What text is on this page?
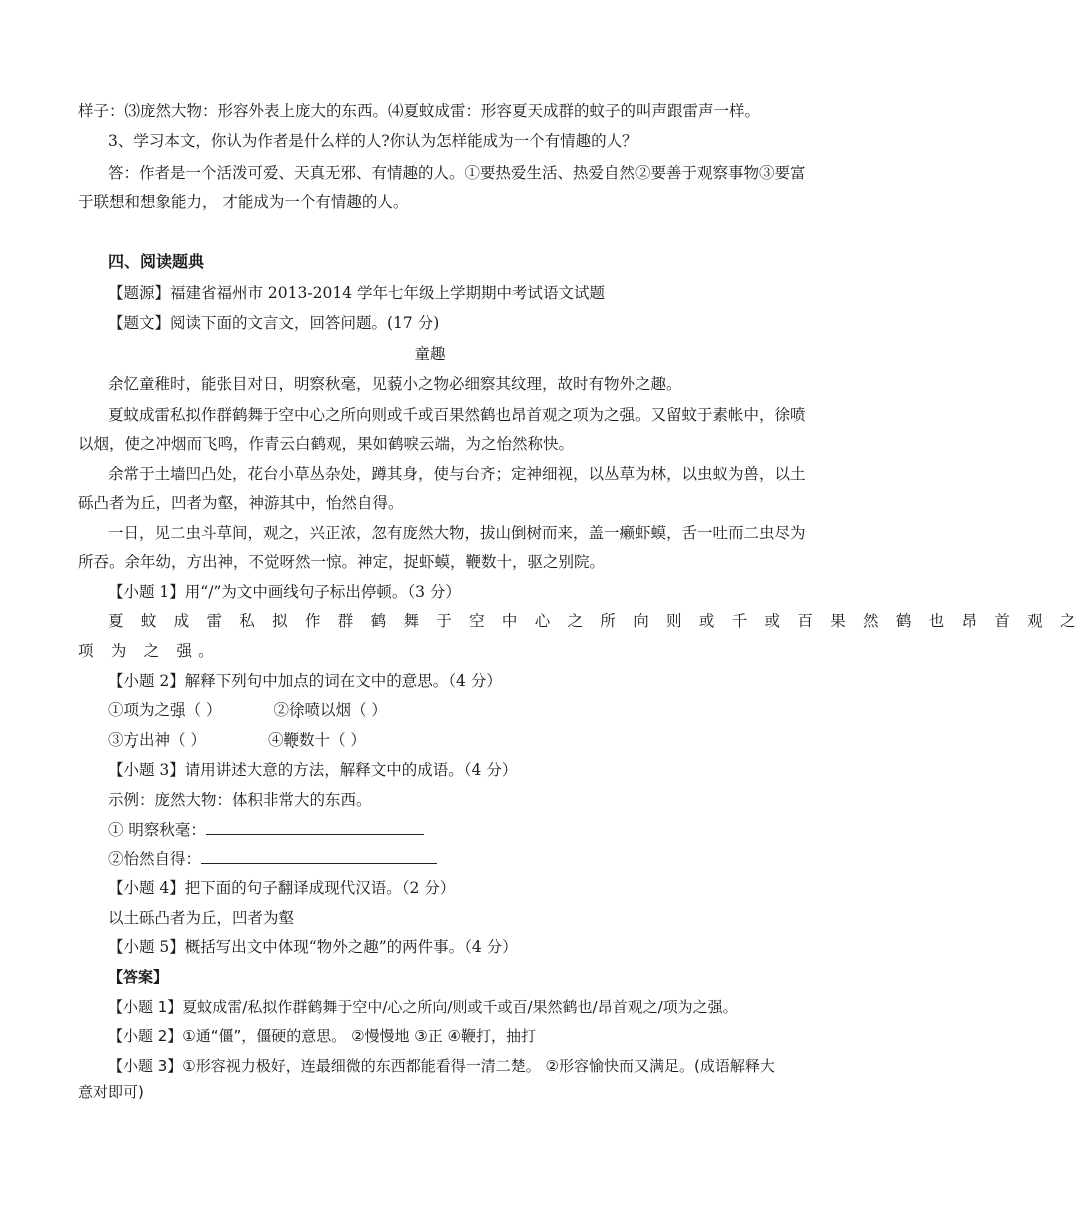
样子：⑶庞然大物：形容外表上庞大的东西。⑷夏蚊成雷：形容夏天成群的蚊子的叫声跟雷声一样。
3、学习本文，你认为作者是什么样的人?你认为怎样能成为一个有情趣的人？
答：作者是一个活泼可爱、天真无邪、有情趣的人。①要热爱生活、热爱自然②要善于观察事物③要富
于联想和想象能力， 才能成为一个有情趣的人。
四、阅读题典
【题源】福建省福州市 2013-2014 学年七年级上学期期中考试语文试题
【题文】阅读下面的文言文，回答问题。(17 分)
童趣
余忆童稚时，能张目对日，明察秋毫，见藐小之物必细察其纹理，故时有物外之趣。
夏蚊成雷私拟作群鹤舞于空中心之所向则或千或百果然鹤也昂首观之项为之强。又留蚊于素帐中，徐喷
以烟，使之冲烟而飞鸣，作青云白鹤观，果如鹤唳云端，为之怡然称快。
余常于土墙凹凸处，花台小草丛杂处，蹲其身，使与台齐；定神细视，以丛草为林，以虫蚁为兽，以土
砾凸者为丘，凹者为壑，神游其中，怡然自得。
一日，见二虫斗草间，观之，兴正浓，忽有庞然大物，拔山倒树而来，盖一癞虾蟆，舌一吐而二虫尽为
所吞。余年幼，方出神，不觉呀然一惊。神定，捉虾蟆，鞭数十，驱之别院。
【小题 1】用“/”为文中画线句子标出停顿。（3 分）
夏 蚊 成 雷 私 拟 作 群 鹤 舞 于 空 中 心 之 所 向 则 或 千 或 百 果 然 鹤 也 昂 首 观 之
项 为 之 强。
【小题 2】解释下列句中加点的词在文中的意思。（4 分）
①项为之强（ ）	②徐喷以烟（ ）
③方出神（ ）	④鞭数十（ ）
【小题 3】请用讲述大意的方法，解释文中的成语。（4 分）
示例：庞然大物：体积非常大的东西。
① 明察秋毫：
②怡然自得：
【小题 4】把下面的句子翻译成现代汉语。（2 分）
以土砾凸者为丘，凹者为壑
【小题 5】概括写出文中体现“物外之趣”的两件事。（4 分）
【答案】
【小题 1】夏蚊成雷/私拟作群鹤舞于空中/心之所向/则或千或百/果然鹤也/昂首观之/项为之强。
【小题 2】①通“僵”，僵硬的意思。 ②慢慢地 ③正 ④鞭打，抽打
【小题 3】①形容视力极好，连最细微的东西都能看得一清二楚。 ②形容愉快而又满足。(成语解释大
意对即可)
